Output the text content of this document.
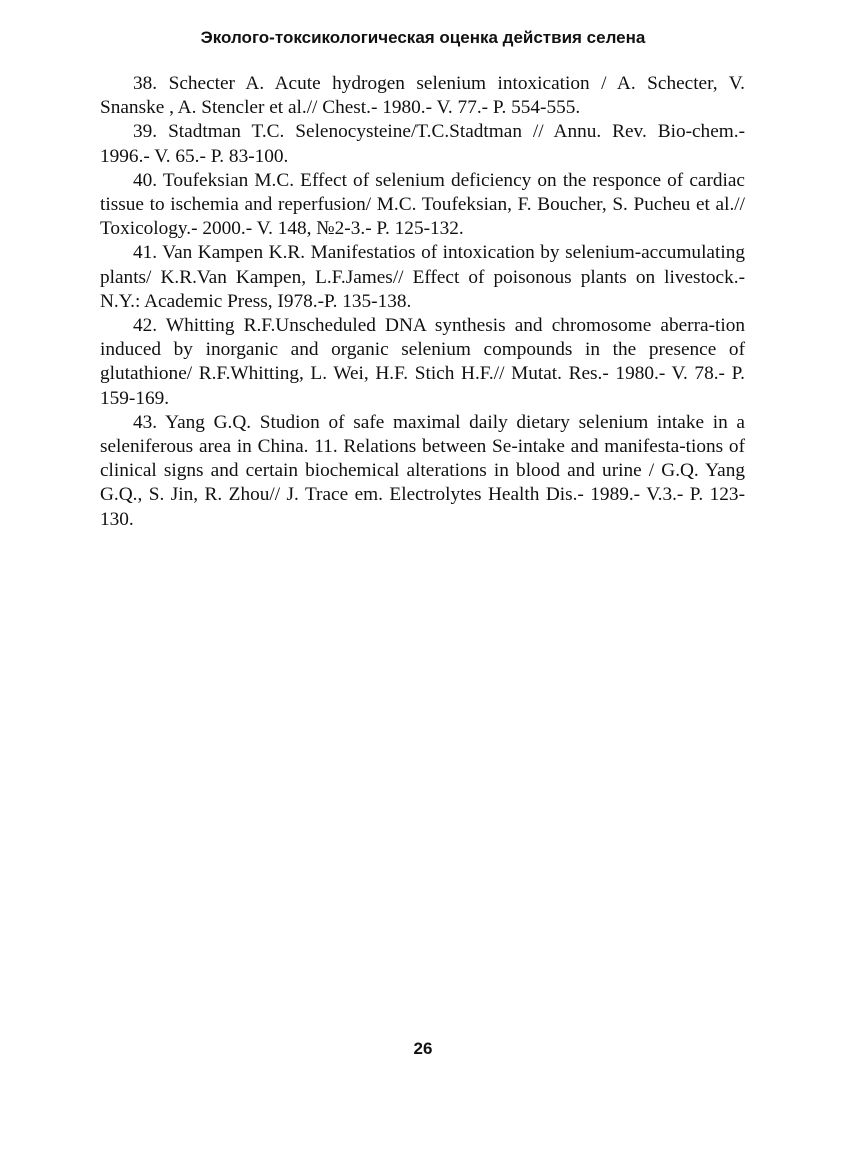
Эколого-токсикологическая оценка действия селена
38. Schecter A. Acute hydrogen selenium intoxication / A. Schecter, V. Snanske , A. Stencler et al.// Chest.- 1980.- V. 77.- P. 554-555.
39. Stadtman T.C. Selenocysteine/T.C.Stadtman // Annu. Rev. Bio-chem.- 1996.- V. 65.- P. 83-100.
40. Toufeksian M.C. Effect of selenium deficiency on the responce of cardiac tissue to ischemia and reperfusion/ M.C. Toufeksian, F. Boucher, S. Pucheu et al.// Toxicology.- 2000.- V. 148, №2-3.- P. 125-132.
41. Van Kampen K.R. Manifestatios of intoxication by selenium-accumulating plants/ K.R.Van Kampen, L.F.James// Effect of poisonous plants on livestock.- N.Y.: Academic Press, I978.-P. 135-138.
42. Whitting R.F.Unscheduled DNA synthesis and chromosome aberra-tion induced by inorganic and organic selenium compounds in the presence of glutathione/ R.F.Whitting, L. Wei, H.F. Stich H.F.// Mutat. Res.- 1980.- V. 78.- P. 159-169.
43. Yang G.Q. Studion of safe maximal daily dietary selenium intake in a seleniferous area in China. 11. Relations between Se-intake and manifesta-tions of clinical signs and certain biochemical alterations in blood and urine / G.Q. Yang G.Q., S. Jin, R. Zhou// J. Trace em. Electrolytes Health Dis.- 1989.- V.3.- P. 123-130.
26
